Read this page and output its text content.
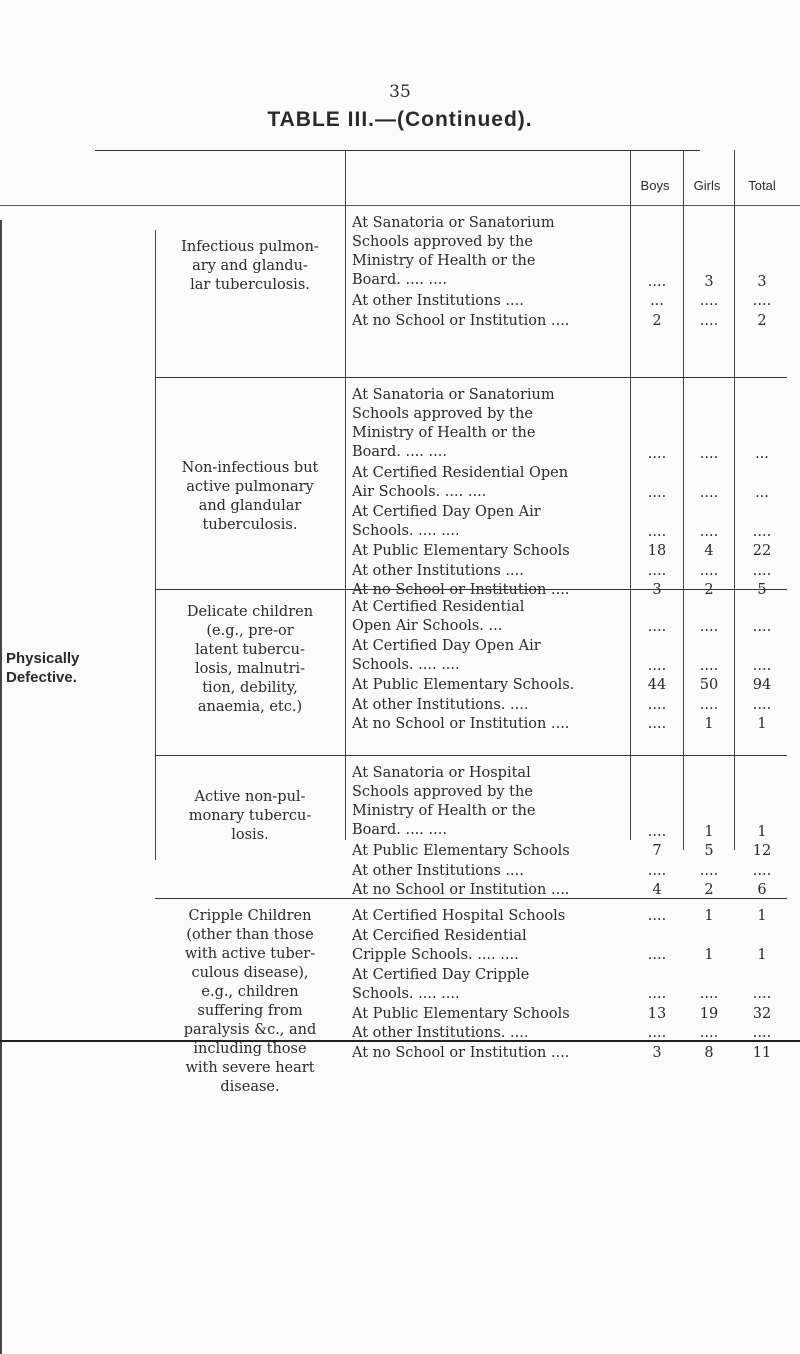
35
TABLE III.—(Continued).
Boys	Girls	Total
Physically
Defective.
Infectious pulmon-
ary and glandu-
lar tuberculosis.
At Sanatoria or Sanatorium
Schools approved by the
Ministry of Health or the
Board. .... ....	....	3	3
At other Institutions ....	...	....	....
At no School or Institution ....	2	....	2
Non-infectious but
active pulmonary
and glandular
tuberculosis.
At Sanatoria or Sanatorium
Schools approved by the
Ministry of Health or the
Board. .... ....	....	....	...
At Certified Residential Open
Air Schools. .... ....	....	....	...
At Certified Day Open Air
Schools. .... ....	....	....	....
At Public Elementary Schools	18	4	22
At other Institutions ....	....	....	....
At no School or Institution ....	3	2	5
Delicate children
(e.g., pre-or
latent tubercu-
losis, malnutri-
tion, debility,
anaemia, etc.)
At Certified Residential
Open Air Schools. ...	....	....	....
At Certified Day Open Air
Schools. .... ....	....	....	....
At Public Elementary Schools.	44	50	94
At other Institutions. ....	....	....	....
At no School or Institution ....	....	1	1
Active non-pul-
monary tubercu-
losis.
At Sanatoria or Hospital
Schools approved by the
Ministry of Health or the
Board. .... ....	....	1	1
At Public Elementary Schools	7	5	12
At other Institutions ....	....	....	....
At no School or Institution ....	4	2	6
Cripple Children
(other than those
with active tuber-
culous disease),
e.g., children
suffering from
paralysis &c., and
including those
with severe heart
disease.
At Certified Hospital Schools	....	1	1
At Cercified Residential
Cripple Schools. .... ....	....	1	1
At Certified Day Cripple
Schools. .... ....	....	....	....
At Public Elementary Schools	13	19	32
At other Institutions. ....	....	....	....
At no School or Institution ....	3	8	11
